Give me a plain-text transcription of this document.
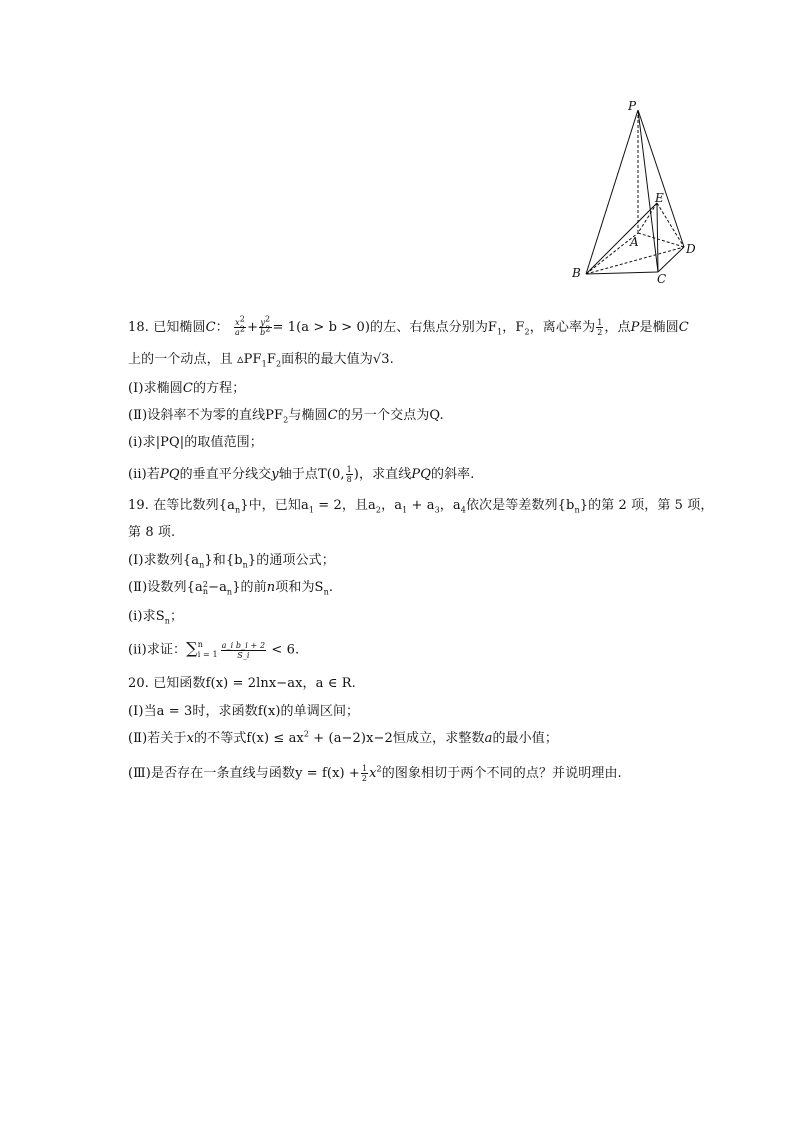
P
E
A	D
B	C
18. 已知椭圆C： $\frac{x^2}{a^2} + \frac{y^2}{b^2} = 1(a > b > 0)$的左、右焦点分别为$F_1$，$F_2$，离心率为 $\frac{1}{2}$ ，点P是椭圆C
上的一个动点，且 $▵PF_1F_2$面积的最大值为√3.
(Ⅰ)求椭圆C的方程；
(Ⅱ)设斜率不为零的直线$PF_2$与椭圆C的另一个交点为Q.
(i)求|PQ|的取值范围；
(ii)若PQ的垂直平分线交y轴于点T(0, $\frac{1}{8}$ )，求直线PQ的斜率.
19. 在等比数列$\{a_n\}$中，已知$a_1 = 2$，且$a_2$，$a_1 + a_3$，$a_4$依次是等差数列$\{b_n\}$的第 2 项，第 5 项，
第 8 项.
(Ⅰ)求数列$\{a_n\}$和$\{b_n\}$的通项公式；
(Ⅱ)设数列{a 2
$n -a_n$}的前n项和为$S_n$.
(i)求$S_n$；
(ii)求证：∑ n
$i = 1 \frac{\text{a\_i b\_i + 2}}{S\_i} < 6$.
20. 已知函数f(x) = 2lnx−ax，a ∈ R.
(Ⅰ)当a = 3时，求函数f(x)的单调区间；
(Ⅱ)若关于x的不等式$f(x) \le ax^2 + (a-2)x-2$恒成立，求整数a的最小值；
(Ⅲ)是否存在一条直线与函数$y = f(x) + \frac{1}{2} x^2$的图象相切于两个不同的点？并说明理由.
